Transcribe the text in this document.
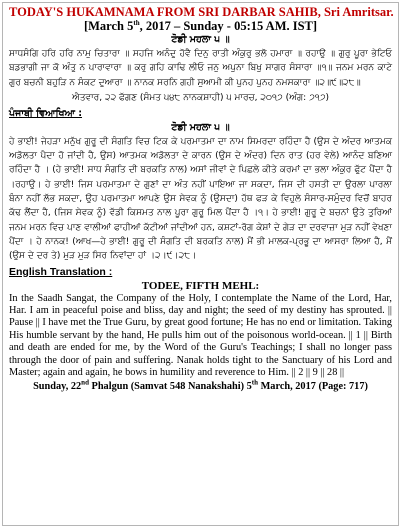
TODAY'S HUKAMNAMA FROM SRI DARBAR SAHIB, Sri Amritsar.
[March 5th, 2017 – Sunday - 05:15 AM. IST]

ਟੋਡੀ ਮਹਲਾ ੫ ॥

ਸਾਧਸੰਗਿ ਹਰਿ ਹਰਿ ਨਾਮੁ ਚਿਤਾਰਾ ॥ ਸਹਜਿ ਅਨੰਦੁ ਹੋਵੈ ਦਿਨੁ ਰਾਤੀ ਅੰਕੁਰੁ ਭਲੋ ਹਮਾਰਾ ॥ ਰਹਾਉ ॥ ਗੁਰੁ ਪੂਰਾ ਭੇਟਿਓ ਬਡਭਾਗੀ ਜਾ ਕੋ ਅੰਤੁ ਨ ਪਾਰਾਵਾਰਾ ॥ ਕਰੁ ਗਹਿ ਕਾਢਿ ਲੀਓ ਜਨੁ ਅਪੁਨਾ ਬਿਖੁ ਸਾਗਰ ਸੰਸਾਰਾ ॥੧॥ ਜਨਮ ਮਰਨ ਕਾਟੇ ਗੁਰ ਬਚਨੀ ਬਹੁੜਿ ਨ ਸੰਕਟ ਦੁਆਰਾ ॥ ਨਾਨਕ ਸਰਨਿ ਗਹੀ ਸੁਆਮੀ ਕੀ ਪੁਨਹ ਪੁਨਹ ਨਮਸਕਾਰਾ ॥੨॥੯॥੨੮॥

ਐਤਵਾਰ, ੨੨ ਫੱਗਣ (ਸੰਮਤ ੫੪੮ ਨਾਨਕਸ਼ਾਹੀ) ੫ ਮਾਰਚ, ੨੦੧੭ (ਅੰਗ: ੭੧੭)

ਪੰਜਾਬੀ ਵਿਆਖਿਆ :

ਟੋਡੀ ਮਹਲਾ ੫ ॥

ਹੇ ਭਾਈ! ਜੇਹੜਾ ਮਨੁੱਖ ਗੁਰੂ ਦੀ ਸੰਗਤਿ ਵਿਚ ਟਿਕ ਕੇ ਪਰਮਾਤਮਾ ਦਾ ਨਾਮ ਸਿਮਰਦਾ ਰਹਿੰਦਾ ਹੈ (ਉਸ ਦੇ ਅੰਦਰ ਆਤਮਕ ਅਡੋਲਤਾ ਪੈਦਾ ਹੋ ਜਾਂਦੀ ਹੈ, ਉਸ) ਆਤਮਕ ਅਡੋਲਤਾ ਦੇ ਕਾਰਨ (ਉਸ ਦੇ ਅੰਦਰ) ਦਿਨ ਰਾਤ (ਹਰ ਵੇਲੇ) ਆਨੰਦ ਬਣਿਆ ਰਹਿੰਦਾ ਹੈ । (ਹੇ ਭਾਈ! ਸਾਧ ਸੰਗਤਿ ਦੀ ਬਰਕਤਿ ਨਾਲ) ਅਸਾਂ ਜੀਵਾਂ ਦੇ ਪਿਛਲੇ ਕੀਤੇ ਕਰਮਾਂ ਦਾ ਭਲਾ ਅੰਕੁਰ ਫੁੱਟ ਪੈਂਦਾ ਹੈ ।ਰਹਾਉ। ਹੇ ਭਾਈ! ਜਿਸ ਪਰਮਾਤਮਾ ਦੇ ਗੁਣਾਂ ਦਾ ਅੰਤ ਨਹੀਂ ਪਾਇਆ ਜਾ ਸਕਦਾ, ਜਿਸ ਦੀ ਹਸਤੀ ਦਾ ਉਰਲਾ ਪਾਰਲਾ ਬੰਨਾ ਨਹੀਂ ਲੱਭ ਸਕਦਾ, ਉਹ ਪਰਮਾਤਮਾ ਆਪਣੇ ਉਸ ਸੇਵਕ ਨੂੰ (ਉਸਦਾ) ਹੱਥ ਫੜ ਕੇ ਵਿਹੁਲੇ ਸੰਸਾਰ-ਸਮੁੰਦਰ ਵਿਚੋਂ ਬਾਹਰ ਕੱਢ ਲੈਂਦਾ ਹੈ, (ਜਿਸ ਸੇਵਕ ਨੂੰ) ਵੱਡੀ ਕਿਸਮਤ ਨਾਲ ਪੂਰਾ ਗੁਰੂ ਮਿਲ ਪੈਂਦਾ ਹੈ ।੧। ਹੇ ਭਾਈ! ਗੁਰੂ ਦੇ ਬਚਨਾਂ ਉਤੇ ਤੁਰਿਆਂ ਜਨਮ ਮਰਨ ਵਿਚ ਪਾਣ ਵਾਲੀਆਂ ਫਾਹੀਆਂ ਕੱਟੀਆਂ ਜਾਂਦੀਆਂ ਹਨ, ਕਸ਼ਟਾਂ-ਰੋਗ ਕੇਸ਼ਾਂ ਦੇ ਗੇੜ ਦਾ ਦਰਵਾਜ਼ਾ ਮੁੜ ਨਹੀਂ ਵੇਖਣਾ ਪੈਂਦਾ । ਹੇ ਨਾਨਕ! (ਆਖ—ਹੇ ਭਾਈ! ਗੁਰੂ ਦੀ ਸੰਗਤਿ ਦੀ ਬਰਕਤਿ ਨਾਲ) ਮੈਂ ਭੀ ਮਾਲਕ-ਪ੍ਰਭੂ ਦਾ ਆਸਰਾ ਲਿਆ ਹੈ, ਮੈਂ (ਉਸ ਦੇ ਦਰ ਤੇ) ਮੁੜ ਮੁੜ ਸਿਰ ਨਿਵਾਂਦਾ ਹਾਂ ।੨।੯।੨੮।

English Translation :

TODEE, FIFTH MEHL:

In the Saadh Sangat, the Company of the Holy, I contemplate the Name of the Lord, Har, Har. I am in peaceful poise and bliss, day and night; the seed of my destiny has sprouted. || Pause || I have met the True Guru, by great good fortune; He has no end or limitation. Taking His humble servant by the hand, He pulls him out of the poisonous world-ocean. || 1 || Birth and death are ended for me, by the Word of the Guru's Teachings; I shall no longer pass through the door of pain and suffering. Nanak holds tight to the Sanctuary of his Lord and Master; again and again, he bows in humility and reverence to Him. || 2 || 9 || 28 ||

Sunday, 22nd Phalgun (Samvat 548 Nanakshahi) 5th March, 2017 (Page: 717)
